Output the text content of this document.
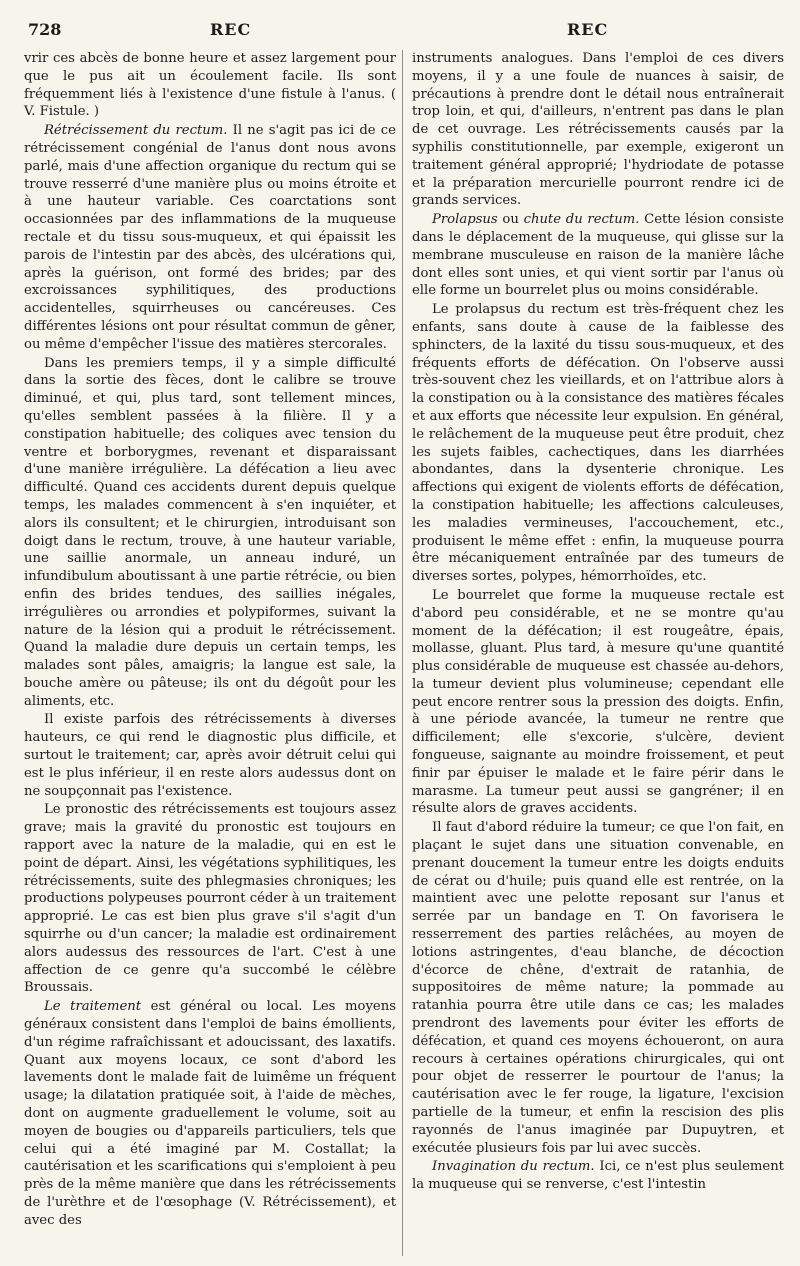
728	REC	REC

vrir ces abcès de bonne heure et assez largement pour que le pus ait un écoulement facile. Ils sont fréquemment liés à l'existence d'une fistule à l'anus. ( V. Fistule. )

Rétrécissement du rectum. Il ne s'agit pas ici de ce rétrécissement congénial de l'anus dont nous avons parlé, mais d'une affection organique du rectum qui se trouve resserré d'une manière plus ou moins étroite et à une hauteur variable. Ces coarctations sont occasionnées par des inflammations de la muqueuse rectale et du tissu sous-muqueux, et qui épaissit les parois de l'intestin par des abcès, des ulcérations qui, après la guérison, ont formé des brides; par des excroissances syphilitiques, des productions accidentelles, squirrheuses ou cancéreuses. Ces différentes lésions ont pour résultat commun de gêner, ou même d'empêcher l'issue des matières stercorales.

Dans les premiers temps, il y a simple difficulté dans la sortie des fèces, dont le calibre se trouve diminué, et qui, plus tard, sont tellement minces, qu'elles semblent passées à la filière. Il y a constipation habituelle; des coliques avec tension du ventre et borborygmes, revenant et disparaissant d'une manière irrégulière. La défécation a lieu avec difficulté. Quand ces accidents durent depuis quelque temps, les malades commencent à s'en inquiéter, et alors ils consultent; et le chirurgien, introduisant son doigt dans le rectum, trouve, à une hauteur variable, une saillie anormale, un anneau induré, un infundibulum aboutissant à une partie rétrécie, ou bien enfin des brides tendues, des saillies inégales, irrégulières ou arrondies et polypiformes, suivant la nature de la lésion qui a produit le rétrécissement. Quand la maladie dure depuis un certain temps, les malades sont pâles, amaigris; la langue est sale, la bouche amère ou pâteuse; ils ont du dégoût pour les aliments, etc.

Il existe parfois des rétrécissements à diverses hauteurs, ce qui rend le diagnostic plus difficile, et surtout le traitement; car, après avoir détruit celui qui est le plus inférieur, il en reste alors audessus dont on ne soupçonnait pas l'existence.

Le pronostic des rétrécissements est toujours assez grave; mais la gravité du pronostic est toujours en rapport avec la nature de la maladie, qui en est le point de départ. Ainsi, les végétations syphilitiques, les rétrécissements, suite des phlegmasies chroniques; les productions polypeuses pourront céder à un traitement approprié. Le cas est bien plus grave s'il s'agit d'un squirrhe ou d'un cancer; la maladie est ordinairement alors audessus des ressources de l'art. C'est à une affection de ce genre qu'a succombé le célèbre Broussais.

Le traitement est général ou local. Les moyens généraux consistent dans l'emploi de bains émollients, d'un régime rafraîchissant et adoucissant, des laxatifs. Quant aux moyens locaux, ce sont d'abord les lavements dont le malade fait de luimême un fréquent usage; la dilatation pratiquée soit, à l'aide de mèches, dont on augmente graduellement le volume, soit au moyen de bougies ou d'appareils particuliers, tels que celui qui a été imaginé par M. Costallat; la cautérisation et les scarifications qui s'emploient à peu près de la même manière que dans les rétrécissements de l'urèthre et de l'œsophage (V. Rétrécissement), et avec des

instruments analogues. Dans l'emploi de ces divers moyens, il y a une foule de nuances à saisir, de précautions à prendre dont le détail nous entraînerait trop loin, et qui, d'ailleurs, n'entrent pas dans le plan de cet ouvrage. Les rétrécissements causés par la syphilis constitutionnelle, par exemple, exigeront un traitement général approprié; l'hydriodate de potasse et la préparation mercurielle pourront rendre ici de grands services.

Prolapsus ou chute du rectum. Cette lésion consiste dans le déplacement de la muqueuse, qui glisse sur la membrane musculeuse en raison de la manière lâche dont elles sont unies, et qui vient sortir par l'anus où elle forme un bourrelet plus ou moins considérable.

Le prolapsus du rectum est très-fréquent chez les enfants, sans doute à cause de la faiblesse des sphincters, de la laxité du tissu sous-muqueux, et des fréquents efforts de défécation. On l'observe aussi très-souvent chez les vieillards, et on l'attribue alors à la constipation ou à la consistance des matières fécales et aux efforts que nécessite leur expulsion. En général, le relâchement de la muqueuse peut être produit, chez les sujets faibles, cachectiques, dans les diarrhées abondantes, dans la dysenterie chronique. Les affections qui exigent de violents efforts de défécation, la constipation habituelle; les affections calculeuses, les maladies vermineuses, l'accouchement, etc., produisent le même effet : enfin, la muqueuse pourra être mécaniquement entraînée par des tumeurs de diverses sortes, polypes, hémorrhoïdes, etc.

Le bourrelet que forme la muqueuse rectale est d'abord peu considérable, et ne se montre qu'au moment de la défécation; il est rougeâtre, épais, mollasse, gluant. Plus tard, à mesure qu'une quantité plus considérable de muqueuse est chassée au-dehors, la tumeur devient plus volumineuse; cependant elle peut encore rentrer sous la pression des doigts. Enfin, à une période avancée, la tumeur ne rentre que difficilement; elle s'excorie, s'ulcère, devient fongueuse, saignante au moindre froissement, et peut finir par épuiser le malade et le faire périr dans le marasme. La tumeur peut aussi se gangréner; il en résulte alors de graves accidents.

Il faut d'abord réduire la tumeur; ce que l'on fait, en plaçant le sujet dans une situation convenable, en prenant doucement la tumeur entre les doigts enduits de cérat ou d'huile; puis quand elle est rentrée, on la maintient avec une pelotte reposant sur l'anus et serrée par un bandage en T. On favorisera le resserrement des parties relâchées, au moyen de lotions astringentes, d'eau blanche, de décoction d'écorce de chêne, d'extrait de ratanhia, de suppositoires de même nature; la pommade au ratanhia pourra être utile dans ce cas; les malades prendront des lavements pour éviter les efforts de défécation, et quand ces moyens échoueront, on aura recours à certaines opérations chirurgicales, qui ont pour objet de resserrer le pourtour de l'anus; la cautérisation avec le fer rouge, la ligature, l'excision partielle de la tumeur, et enfin la rescision des plis rayonnés de l'anus imaginée par Dupuytren, et exécutée plusieurs fois par lui avec succès.

Invagination du rectum. Ici, ce n'est plus seulement la muqueuse qui se renverse, c'est l'intestin
